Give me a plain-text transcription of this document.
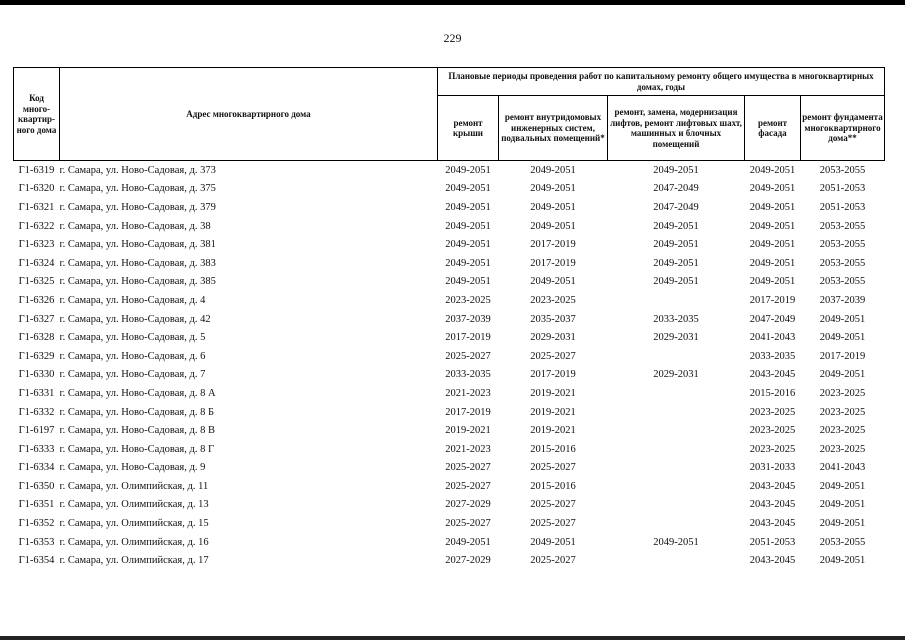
229
Код много-квартир-ного дома	Адрес многоквартирного дома	Плановые периоды проведения работ по капитальному ремонту общего имущества в многоквартирных домах, годы				
		ремонт крыши	ремонт внутридомовых инженерных систем, подвальных помещений*	ремонт, замена, модернизация лифтов, ремонт лифтовых шахт, машинных и блочных помещений	ремонт фасада	ремонт фундамента многоквартирного дома**
Г1-6319	г. Самара, ул. Ново-Садовая, д. 373	2049-2051	2049-2051	2049-2051	2049-2051	2053-2055
Г1-6320	г. Самара, ул. Ново-Садовая, д. 375	2049-2051	2049-2051	2047-2049	2049-2051	2051-2053
Г1-6321	г. Самара, ул. Ново-Садовая, д. 379	2049-2051	2049-2051	2047-2049	2049-2051	2051-2053
Г1-6322	г. Самара, ул. Ново-Садовая, д. 38	2049-2051	2049-2051	2049-2051	2049-2051	2053-2055
Г1-6323	г. Самара, ул. Ново-Садовая, д. 381	2049-2051	2017-2019	2049-2051	2049-2051	2053-2055
Г1-6324	г. Самара, ул. Ново-Садовая, д. 383	2049-2051	2017-2019	2049-2051	2049-2051	2053-2055
Г1-6325	г. Самара, ул. Ново-Садовая, д. 385	2049-2051	2049-2051	2049-2051	2049-2051	2053-2055
Г1-6326	г. Самара, ул. Ново-Садовая, д. 4	2023-2025	2023-2025		2017-2019	2037-2039
Г1-6327	г. Самара, ул. Ново-Садовая, д. 42	2037-2039	2035-2037	2033-2035	2047-2049	2049-2051
Г1-6328	г. Самара, ул. Ново-Садовая, д. 5	2017-2019	2029-2031	2029-2031	2041-2043	2049-2051
Г1-6329	г. Самара, ул. Ново-Садовая, д. 6	2025-2027	2025-2027		2033-2035	2017-2019
Г1-6330	г. Самара, ул. Ново-Садовая, д. 7	2033-2035	2017-2019	2029-2031	2043-2045	2049-2051
Г1-6331	г. Самара, ул. Ново-Садовая, д. 8 А	2021-2023	2019-2021		2015-2016	2023-2025
Г1-6332	г. Самара, ул. Ново-Садовая, д. 8 Б	2017-2019	2019-2021		2023-2025	2023-2025
Г1-6197	г. Самара, ул. Ново-Садовая, д. 8 В	2019-2021	2019-2021		2023-2025	2023-2025
Г1-6333	г. Самара, ул. Ново-Садовая, д. 8 Г	2021-2023	2015-2016		2023-2025	2023-2025
Г1-6334	г. Самара, ул. Ново-Садовая, д. 9	2025-2027	2025-2027		2031-2033	2041-2043
Г1-6350	г. Самара, ул. Олимпийская, д. 11	2025-2027	2015-2016		2043-2045	2049-2051
Г1-6351	г. Самара, ул. Олимпийская, д. 13	2027-2029	2025-2027		2043-2045	2049-2051
Г1-6352	г. Самара, ул. Олимпийская, д. 15	2025-2027	2025-2027		2043-2045	2049-2051
Г1-6353	г. Самара, ул. Олимпийская, д. 16	2049-2051	2049-2051	2049-2051	2051-2053	2053-2055
Г1-6354	г. Самара, ул. Олимпийская, д. 17	2027-2029	2025-2027		2043-2045	2049-2051
